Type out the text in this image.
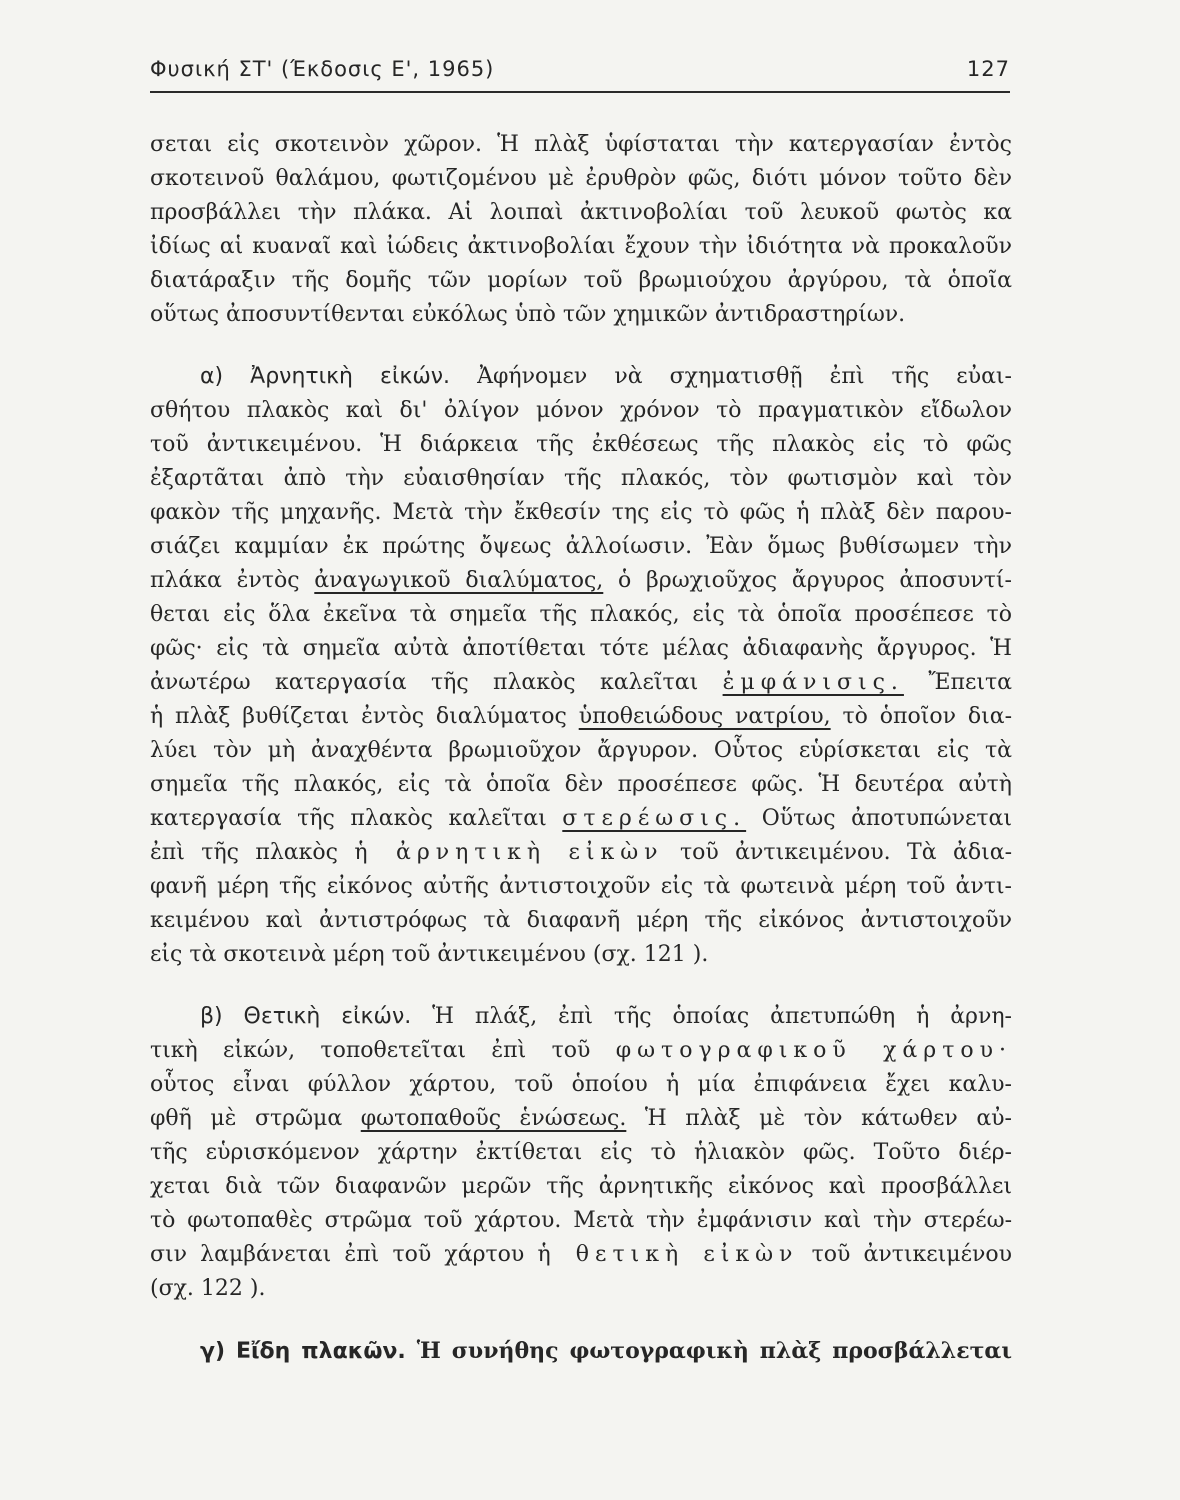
Φυσική ΣΤ' (Έκδοσις Ε', 1965)	127
σεται εἰς σκοτεινὸν χῶρον. Ἡ πλὰξ ὑφίσταται τὴν κατεργασίαν ἐντὸς
σκοτεινοῦ θαλάμου, φωτιζομένου μὲ ἐρυθρὸν φῶς, διότι μόνον τοῦτο δὲν
προσβάλλει τὴν πλάκα. Αἱ λοιπαὶ ἀκτινοβολίαι τοῦ λευκοῦ φωτὸς κα
ἰδίως αἱ κυαναῖ καὶ ἰώδεις ἀκτινοβολίαι ἔχουν τὴν ἰδιότητα νὰ προκαλοῦν
διατάραξιν τῆς δομῆς τῶν μορίων τοῦ βρωμιούχου ἀργύρου, τὰ ὁποῖα
οὕτως ἀποσυντίθενται εὐκόλως ὑπὸ τῶν χημικῶν ἀντιδραστηρίων.
α) Ἀρνητικὴ εἰκών. Ἀφήνομεν νὰ σχηματισθῇ ἐπὶ τῆς εὐαι-
σθήτου πλακὸς καὶ δι' ὀλίγον μόνον χρόνον τὸ πραγματικὸν εἴδωλον
τοῦ ἀντικειμένου. Ἡ διάρκεια τῆς ἐκθέσεως τῆς πλακὸς εἰς τὸ φῶς
ἐξαρτᾶται ἀπὸ τὴν εὐαισθησίαν τῆς πλακός, τὸν φωτισμὸν καὶ τὸν
φακὸν τῆς μηχανῆς. Μετὰ τὴν ἔκθεσίν της εἰς τὸ φῶς ἡ πλὰξ δὲν παρου-
σιάζει καμμίαν ἐκ πρώτης ὄψεως ἀλλοίωσιν. Ἐὰν ὅμως βυθίσωμεν τὴν
πλάκα ἐντὸς ἀναγωγικοῦ διαλύματος, ὁ βρωχιοῦχος ἄργυρος ἀποσυντί-
θεται εἰς ὅλα ἐκεῖνα τὰ σημεῖα τῆς πλακός, εἰς τὰ ὁποῖα προσέπεσε τὸ
φῶς· εἰς τὰ σημεῖα αὐτὰ ἀποτίθεται τότε μέλας ἀδιαφανὴς ἄργυρος. Ἡ
ἀνωτέρω κατεργασία τῆς πλακὸς καλεῖται ἐμφάνισις. Ἔπειτα
ἡ πλὰξ βυθίζεται ἐντὸς διαλύματος ὑποθειώδους νατρίου, τὸ ὁποῖον δια-
λύει τὸν μὴ ἀναχθέντα βρωμιοῦχον ἄργυρον. Οὗτος εὑρίσκεται εἰς τὰ
σημεῖα τῆς πλακός, εἰς τὰ ὁποῖα δὲν προσέπεσε φῶς. Ἡ δευτέρα αὐτὴ
κατεργασία τῆς πλακὸς καλεῖται στερέωσις. Οὕτως ἀποτυπώνεται
ἐπὶ τῆς πλακὸς ἡ ἀρνητικὴ εἰκὼν τοῦ ἀντικειμένου. Τὰ ἀδια-
φανῆ μέρη τῆς εἰκόνος αὐτῆς ἀντιστοιχοῦν εἰς τὰ φωτεινὰ μέρη τοῦ ἀντι-
κειμένου καὶ ἀντιστρόφως τὰ διαφανῆ μέρη τῆς εἰκόνος ἀντιστοιχοῦν
εἰς τὰ σκοτεινὰ μέρη τοῦ ἀντικειμένου (σχ. 121 ).
β) Θετικὴ εἰκών. Ἡ πλάξ, ἐπὶ τῆς ὁποίας ἀπετυπώθη ἡ ἀρνη-
τικὴ εἰκών, τοποθετεῖται ἐπὶ τοῦ φωτογραφικοῦ χάρτου·
οὗτος εἶναι φύλλον χάρτου, τοῦ ὁποίου ἡ μία ἐπιφάνεια ἔχει καλυ-
φθῆ μὲ στρῶμα φωτοπαθοῦς ἑνώσεως. Ἡ πλὰξ μὲ τὸν κάτωθεν αὐ-
τῆς εὑρισκόμενον χάρτην ἐκτίθεται εἰς τὸ ἡλιακὸν φῶς. Τοῦτο διέρ-
χεται διὰ τῶν διαφανῶν μερῶν τῆς ἀρνητικῆς εἰκόνος καὶ προσβάλλει
τὸ φωτοπαθὲς στρῶμα τοῦ χάρτου. Μετὰ τὴν ἐμφάνισιν καὶ τὴν στερέω-
σιν λαμβάνεται ἐπὶ τοῦ χάρτου ἡ θετικὴ εἰκὼν τοῦ ἀντικειμένου
(σχ. 122 ).
γ) Εἴδη πλακῶν. Ἡ συνήθης φωτογραφικὴ πλὰξ προσβάλλεται
